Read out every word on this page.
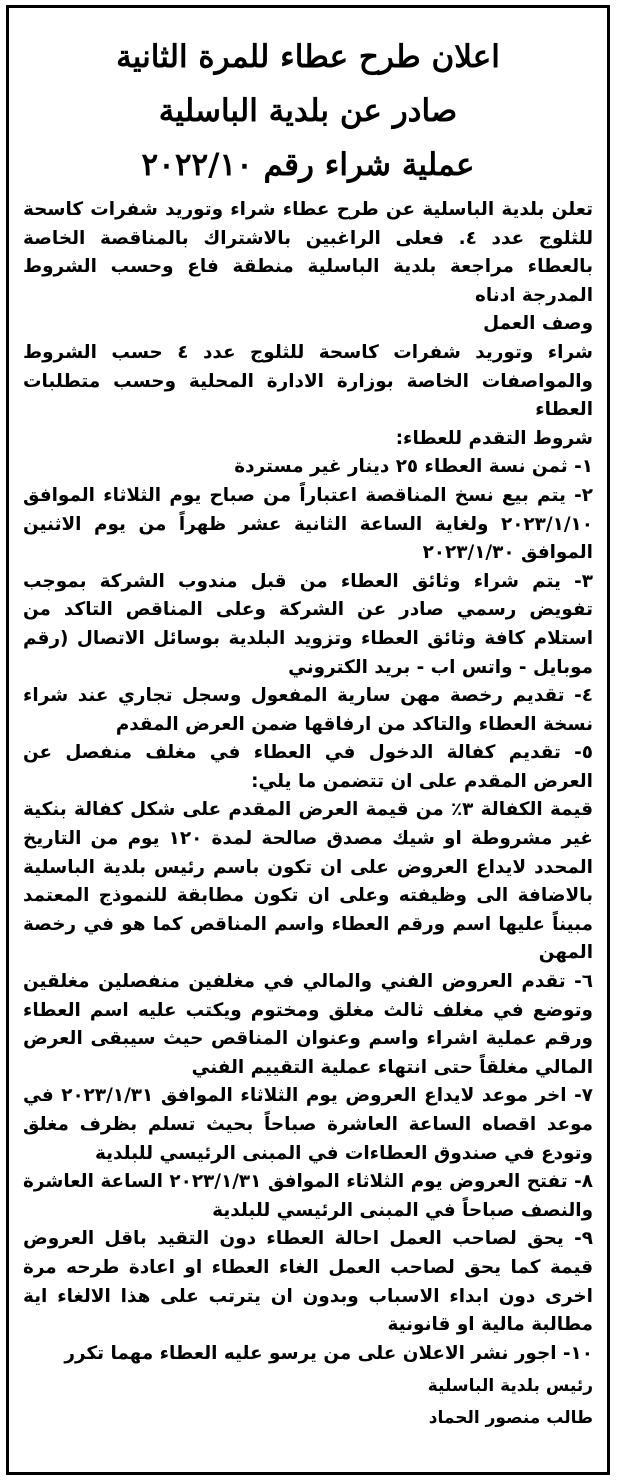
اعلان طرح عطاء للمرة الثانية
صادر عن بلدية الباسلية
عملية شراء رقم ٢٠٢٢/١٠

تعلن بلدية الباسلية عن طرح عطاء شراء وتوريد شفرات كاسحة للثلوج عدد ٤. فعلى الراغبين بالاشتراك بالمناقصة الخاصة بالعطاء مراجعة بلدية الباسلية منطقة فاع وحسب الشروط المدرجة ادناه

وصف العمل

شراء وتوريد شفرات كاسحة للثلوج عدد ٤ حسب الشروط والمواصفات الخاصة بوزارة الادارة المحلية وحسب متطلبات العطاء

شروط التقدم للعطاء:

١- ثمن نسة العطاء ٢٥ دينار غير مستردة

٢- يتم بيع نسخ المناقصة اعتباراً من صباح يوم الثلاثاء الموافق ٢٠٢٣/١/١٠ ولغاية الساعة الثانية عشر ظهراً من يوم الاثنين الموافق ٢٠٢٣/١/٣٠

٣- يتم شراء وثائق العطاء من قبل مندوب الشركة بموجب تفويض رسمي صادر عن الشركة وعلى المناقص التاكد من استلام كافة وثائق العطاء وتزويد البلدية بوسائل الاتصال (رقم موبايل - واتس اب - بريد الكتروني

٤- تقديم رخصة مهن سارية المفعول وسجل تجاري عند شراء نسخة العطاء والتاكد من ارفاقها ضمن العرض المقدم

٥- تقديم كفالة الدخول في العطاء في مغلف منفصل عن العرض المقدم على ان تتضمن ما يلي:

قيمة الكفالة ٣٪ من قيمة العرض المقدم على شكل كفالة بنكية غير مشروطة او شيك مصدق صالحة لمدة ١٢٠ يوم من التاريخ المحدد لايداع العروض على ان تكون باسم رئيس بلدية الباسلية بالاضافة الى وظيفته وعلى ان تكون مطابقة للنموذج المعتمد مبيناً عليها اسم ورقم العطاء واسم المناقص كما هو في رخصة المهن

٦- تقدم العروض الفني والمالي في مغلفين منفصلين مغلقين وتوضع في مغلف ثالث مغلق ومختوم ويكتب عليه اسم العطاء ورقم عملية اشراء واسم وعنوان المناقص حيث سيبقى العرض المالي مغلقاً حتى انتهاء عملية التقييم الفني

٧- اخر موعد لايداع العروض يوم الثلاثاء الموافق ٢٠٢٣/١/٣١ في موعد اقصاه الساعة العاشرة صباحاً بحيث تسلم بظرف مغلق وتودع في صندوق العطاءات في المبنى الرئيسي للبلدية

٨- تفتح العروض يوم الثلاثاء الموافق ٢٠٢٣/١/٣١ الساعة العاشرة والنصف صباحاً في المبنى الرئيسي للبلدية

٩- يحق لصاحب العمل احالة العطاء دون التقيد باقل العروض قيمة كما يحق لصاحب العمل الغاء العطاء او اعادة طرحه مرة اخرى دون ابداء الاسباب وبدون ان يترتب على هذا الالغاء اية مطالبة مالية او قانونية

١٠- اجور نشر الاعلان على من يرسو عليه العطاء مهما تكرر

رئيس بلدية الباسلية
طالب منصور الحماد
